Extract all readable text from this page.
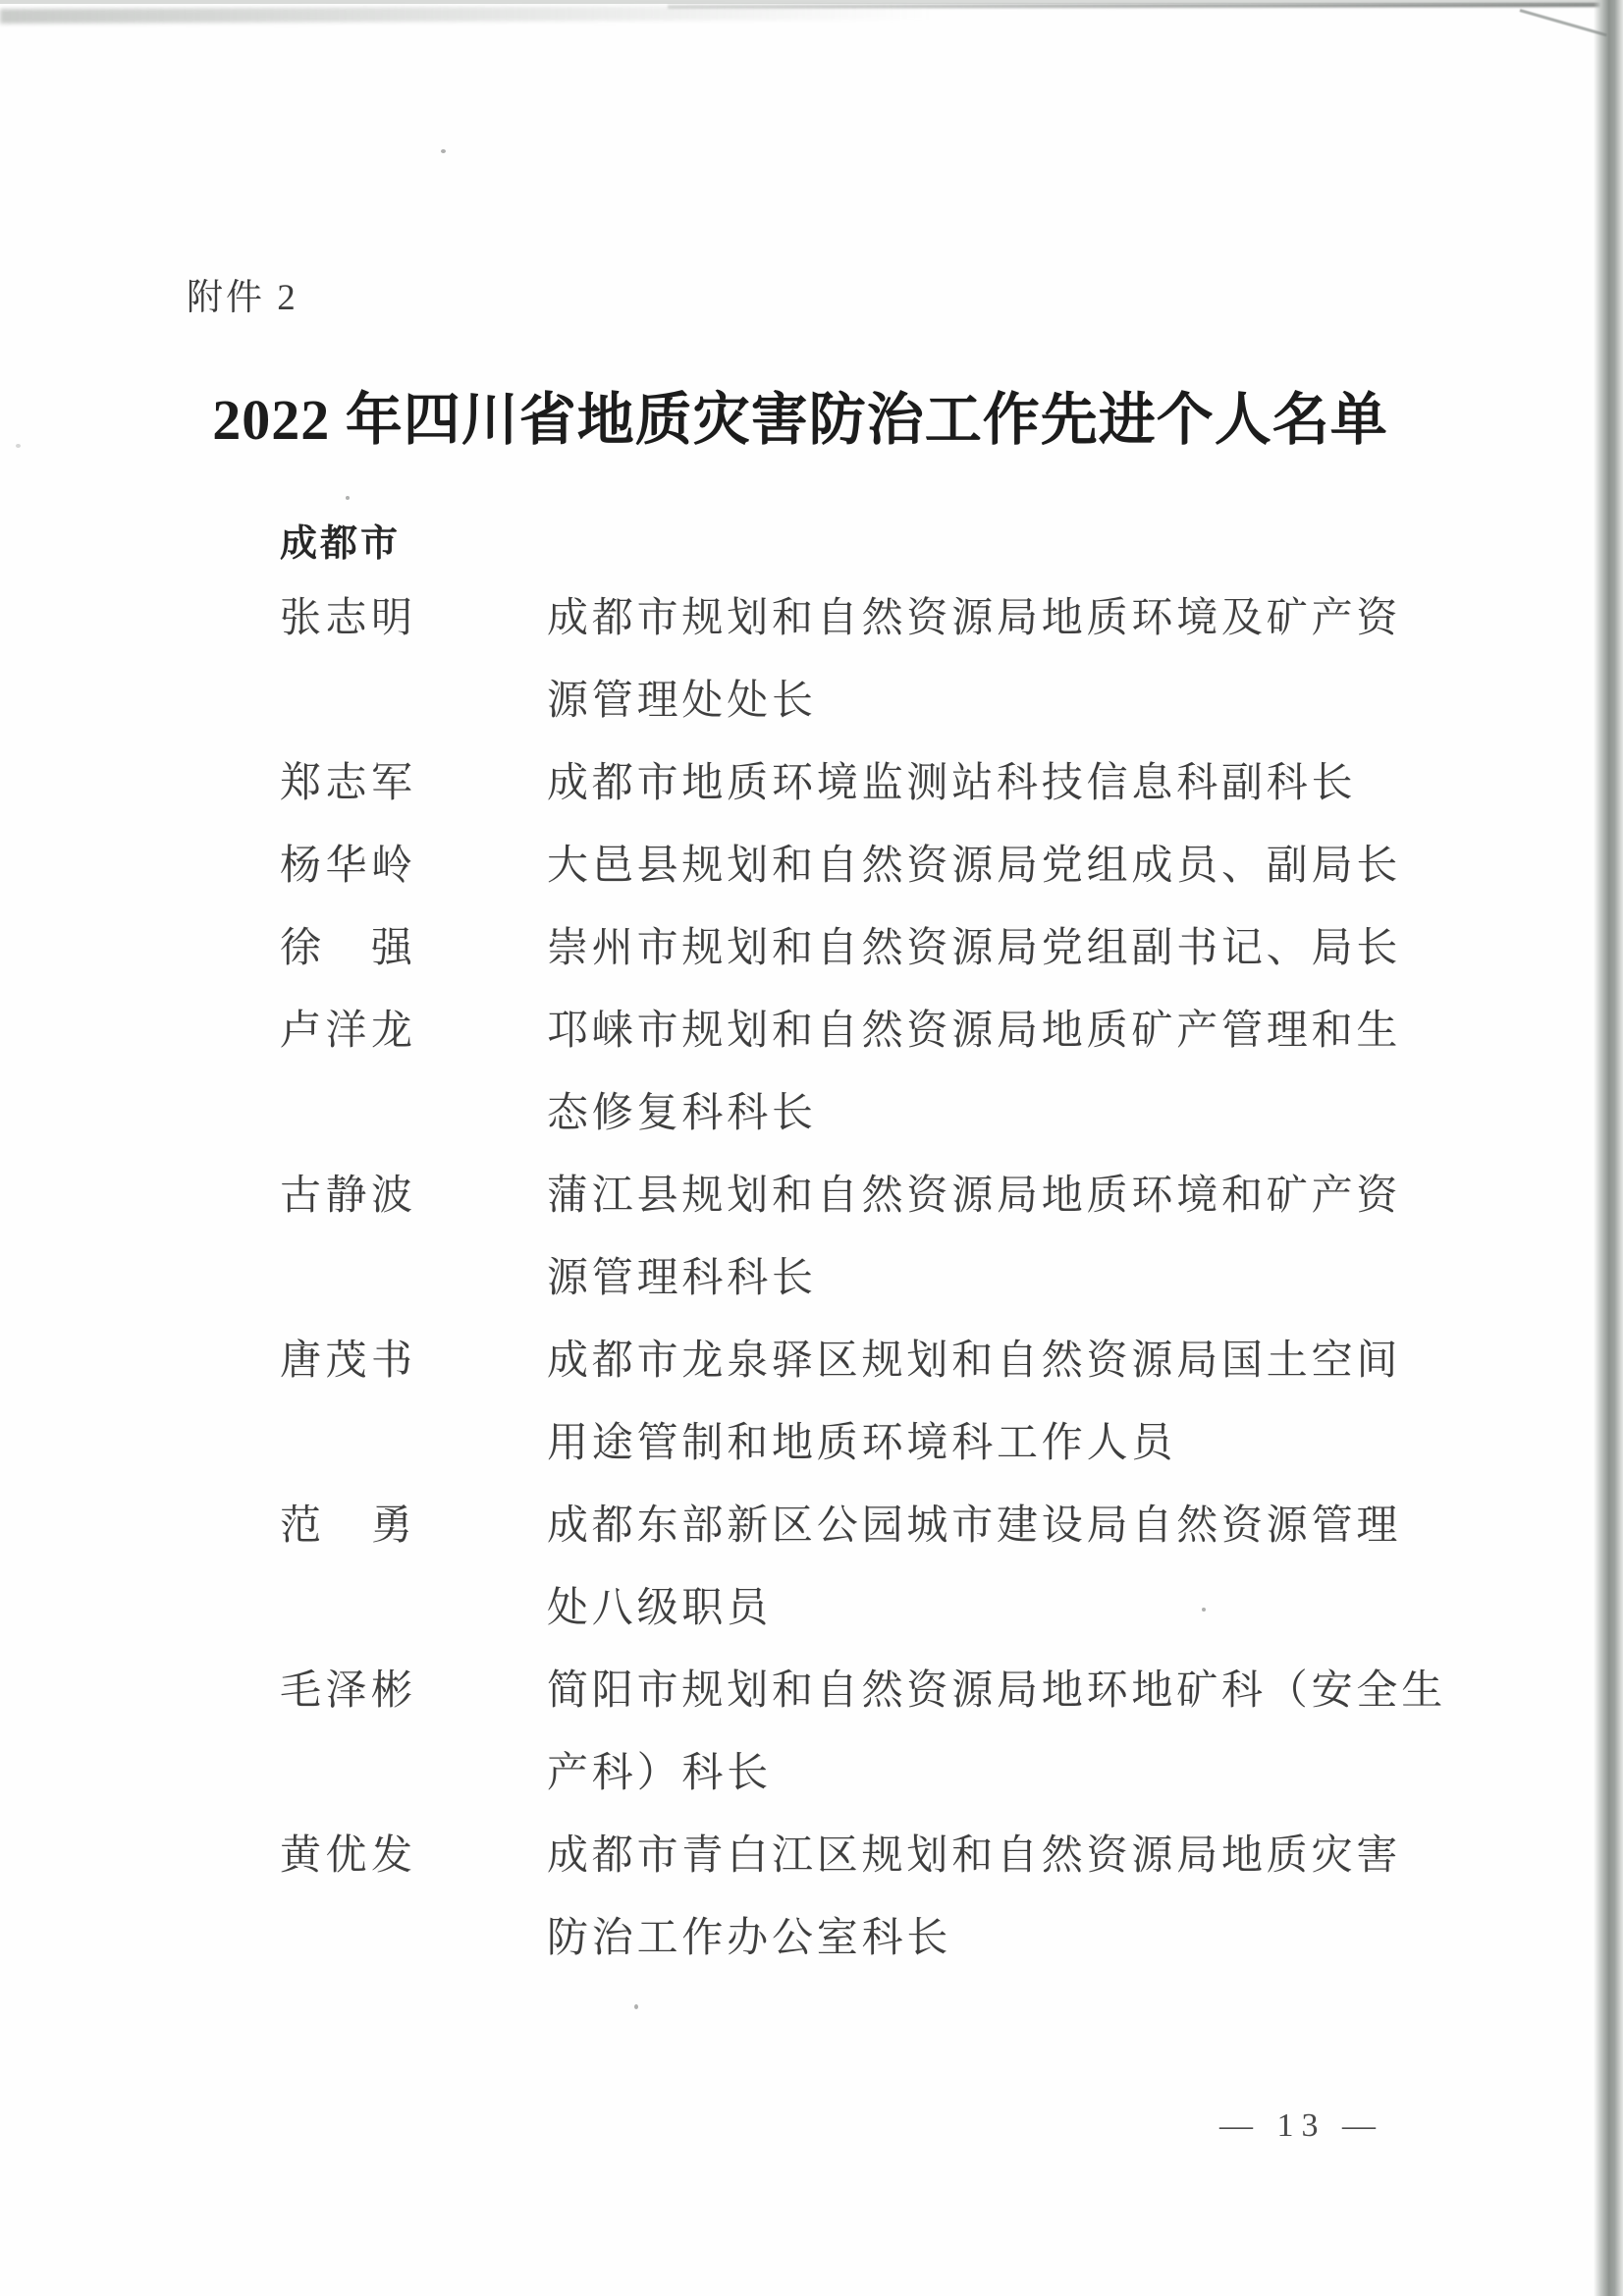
附件 2
2022 年四川省地质灾害防治工作先进个人名单
成都市
张志明	成都市规划和自然资源局地质环境及矿产资
源管理处处长
郑志军	成都市地质环境监测站科技信息科副科长
杨华岭	大邑县规划和自然资源局党组成员、副局长
徐　强	崇州市规划和自然资源局党组副书记、局长
卢洋龙	邛崃市规划和自然资源局地质矿产管理和生
态修复科科长
古静波	蒲江县规划和自然资源局地质环境和矿产资
源管理科科长
唐茂书	成都市龙泉驿区规划和自然资源局国土空间
用途管制和地质环境科工作人员
范　勇	成都东部新区公园城市建设局自然资源管理
处八级职员
毛泽彬	简阳市规划和自然资源局地环地矿科（安全生
产科）科长
黄优发	成都市青白江区规划和自然资源局地质灾害
防治工作办公室科长
— 13 —
